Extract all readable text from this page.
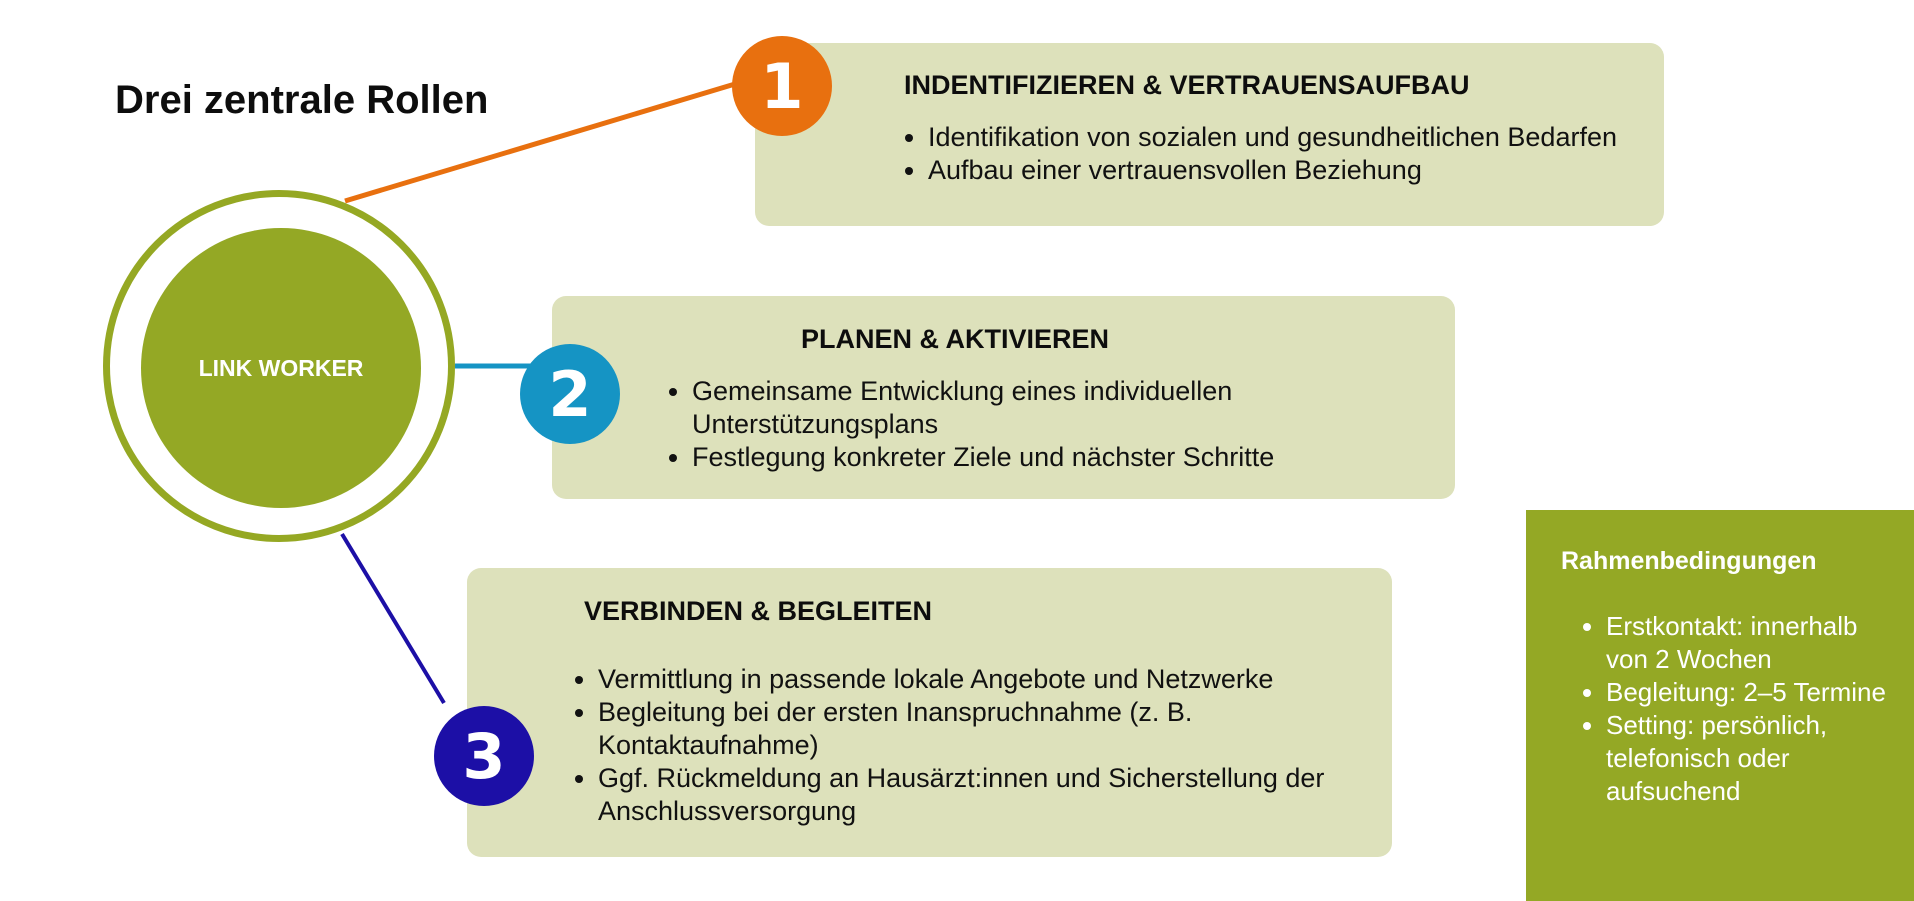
Drei zentrale Rollen
LINK WORKER
INDENTIFIZIEREN & VERTRAUENSAUFBAU
• Identifikation von sozialen und gesundheitlichen Bedarfen
• Aufbau einer vertrauensvollen Beziehung
1
PLANEN & AKTIVIEREN
• Gemeinsame Entwicklung eines individuellen Unterstützungsplans
• Festlegung konkreter Ziele und nächster Schritte
2
VERBINDEN & BEGLEITEN
• Vermittlung in passende lokale Angebote und Netzwerke
• Begleitung bei der ersten Inanspruchnahme (z. B. Kontaktaufnahme)
• Ggf. Rückmeldung an Hausärzt:innen und Sicherstellung der Anschlussversorgung
3
Rahmenbedingungen
• Erstkontakt: innerhalb von 2 Wochen
• Begleitung: 2–5 Termine
• Setting: persönlich, telefonisch oder aufsuchend
